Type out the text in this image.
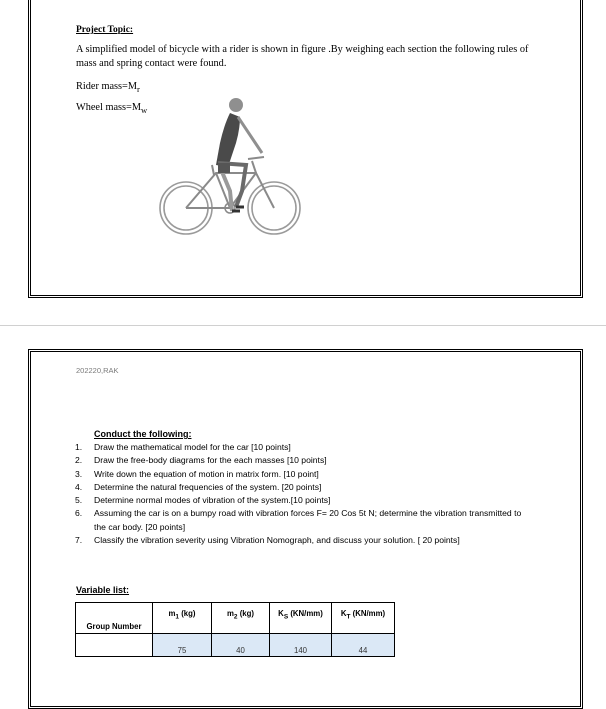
Project Topic:
A simplified model of bicycle with a rider is shown in figure .By weighing each section the following rules of mass and spring contact were found.
Rider $mass=M_r$
Wheel $mass=M_w$
202220,RAK
Conduct the following:
1.	Draw the mathematical model for the car [10 points]
2.	Draw the free-body diagrams for the each masses [10 points]
3.	Write down the equation of motion in matrix form. [10 point]
4.	Determine the natural frequencies of the system. [20 points]
5.	Determine normal modes of vibration of the system.[10 points]
6.	Assuming the car is on a bumpy road with vibration forces F= 20 Cos 5t N; determine the vibration transmitted to the car body. [20 points]
7.	Classify the vibration severity using Vibration Nomograph, and discuss your solution. [ 20 points]
Variable list:
Group Number	$m_1$ (kg)	$m_2$ (kg)	$K_S$ (KN/mm)	$K_T$ (KN/mm)
	75	40	140	44
